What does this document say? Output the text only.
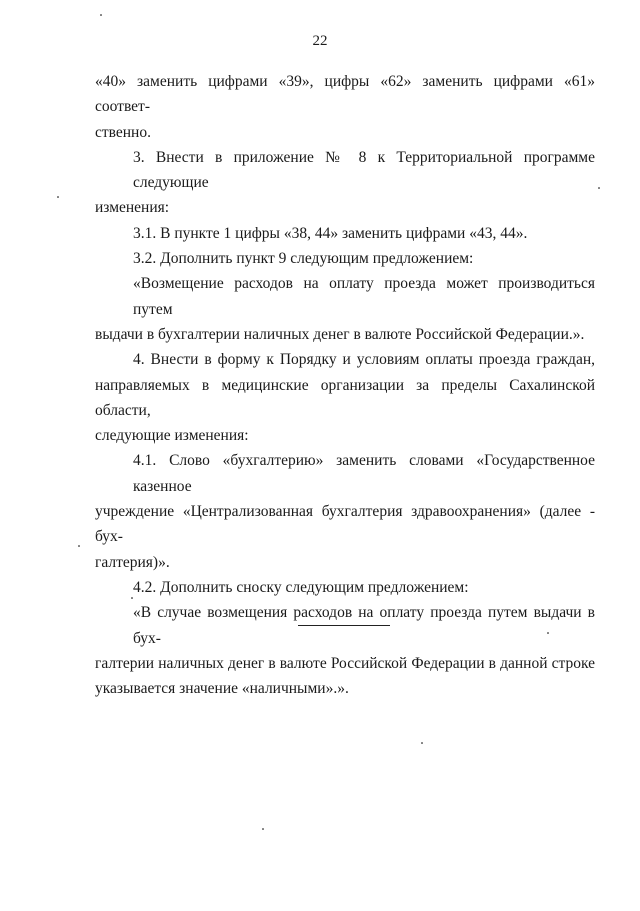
22
«40» заменить цифрами «39», цифры «62» заменить цифрами «61» соответ-
ственно.
3. Внести в приложение № 8 к Территориальной программе следующие
изменения:
3.1. В пункте 1 цифры «38, 44» заменить цифрами «43, 44».
3.2. Дополнить пункт 9 следующим предложением:
«Возмещение расходов на оплату проезда может производиться путем
выдачи в бухгалтерии наличных денег в валюте Российской Федерации.».
4. Внести в форму к Порядку и условиям оплаты проезда граждан,
направляемых в медицинские организации за пределы Сахалинской области,
следующие изменения:
4.1. Слово «бухгалтерию» заменить словами «Государственное казенное
учреждение «Централизованная бухгалтерия здравоохранения» (далее - бух-
галтерия)».
4.2. Дополнить сноску следующим предложением:
«В случае возмещения расходов на оплату проезда путем выдачи в бух-
галтерии наличных денег в валюте Российской Федерации в данной строке
указывается значение «наличными».».
